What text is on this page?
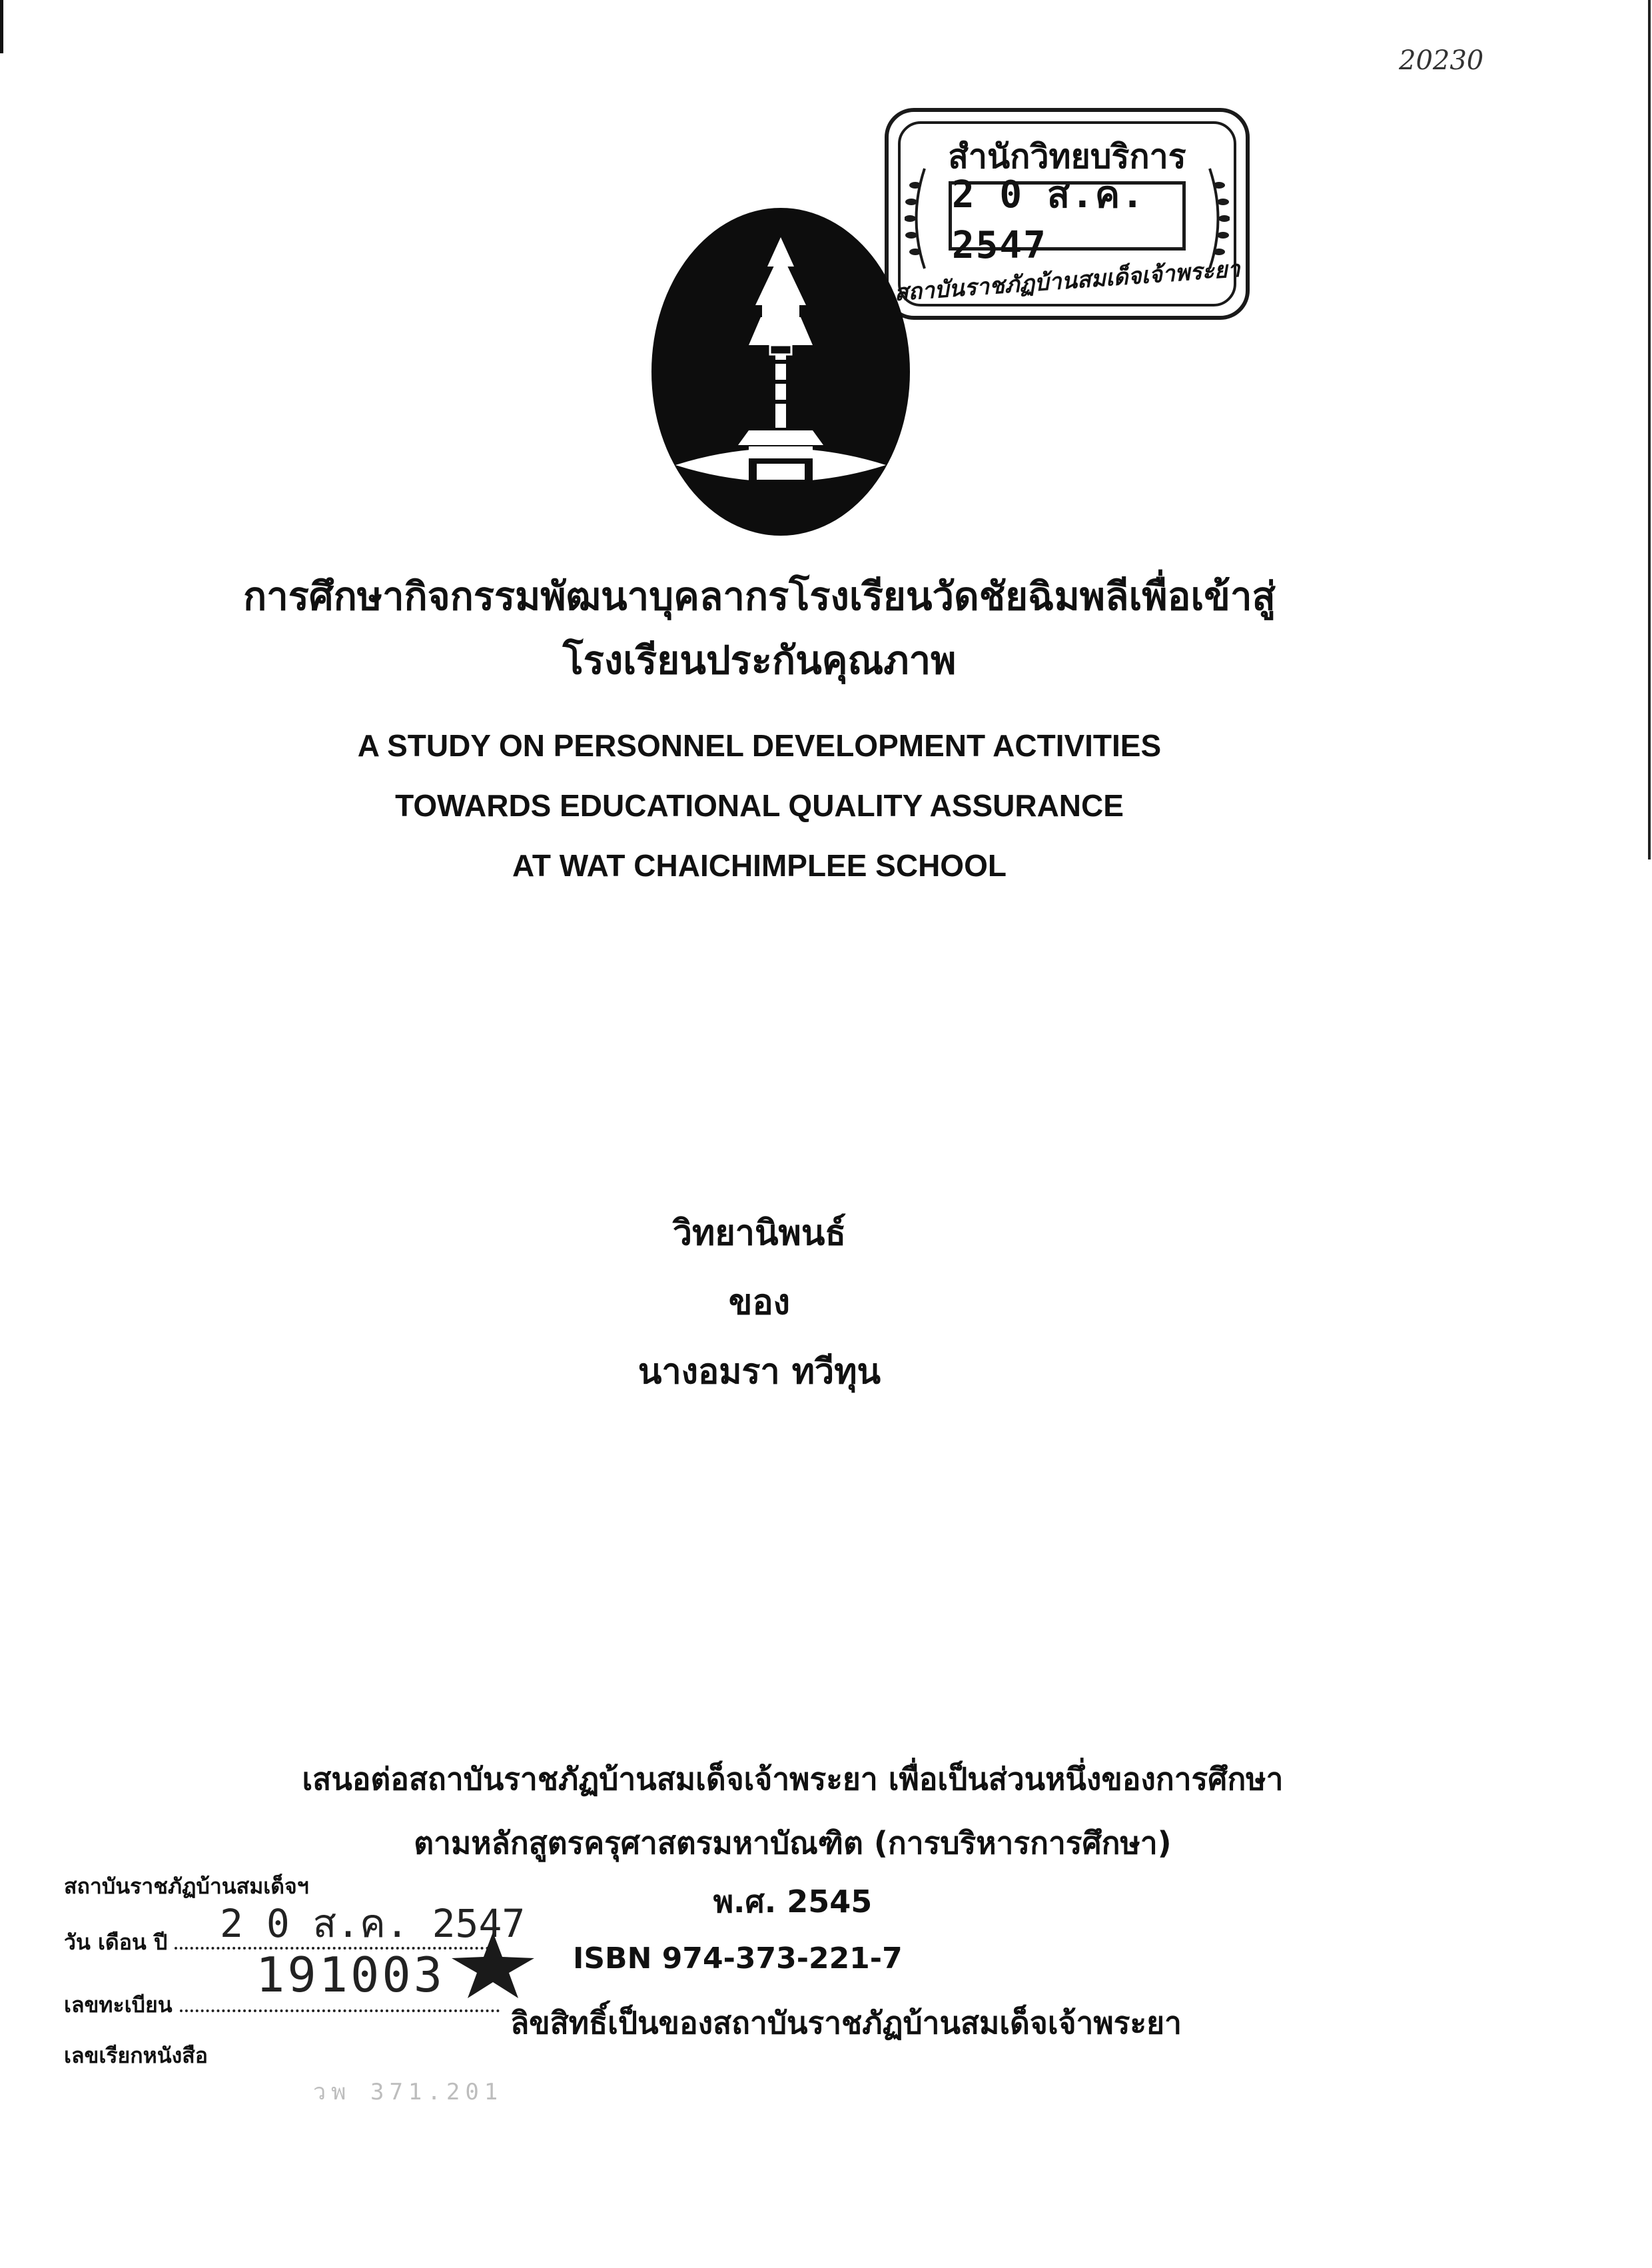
20230
สำนักวิทยบริการ
2 0 ส.ค. 2547
สถาบันราชภัฏบ้านสมเด็จเจ้าพระยา
การศึกษากิจกรรมพัฒนาบุคลากรโรงเรียนวัดชัยฉิมพลีเพื่อเข้าสู่
โรงเรียนประกันคุณภาพ
A STUDY ON PERSONNEL DEVELOPMENT ACTIVITIES
TOWARDS EDUCATIONAL QUALITY ASSURANCE
AT WAT CHAICHIMPLEE SCHOOL
วิทยานิพนธ์
ของ
นางอมรา ทวีทุน
เสนอต่อสถาบันราชภัฏบ้านสมเด็จเจ้าพระยา เพื่อเป็นส่วนหนึ่งของการศึกษา
ตามหลักสูตรครุศาสตรมหาบัณฑิต (การบริหารการศึกษา)
พ.ศ. 2545
ISBN 974-373-221-7
ลิขสิทธิ์เป็นของสถาบันราชภัฏบ้านสมเด็จเจ้าพระยา
สถาบันราชภัฏบ้านสมเด็จฯ
วัน เดือน ปี	2 0 ส.ค. 2547
เลขทะเบียน
191003
เลขเรียกหนังสือ
วพ 371.201
